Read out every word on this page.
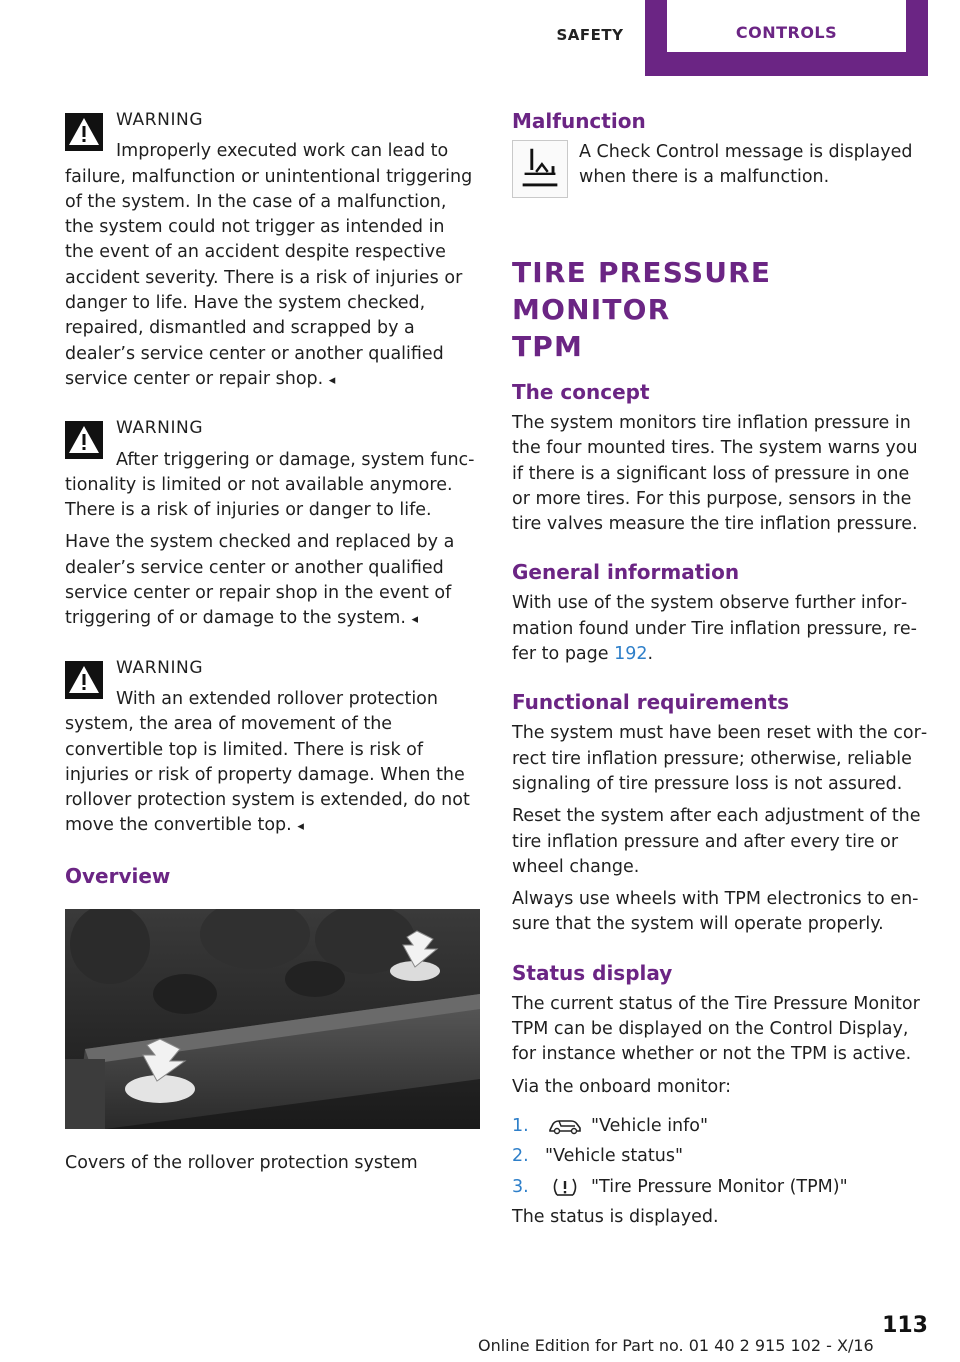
SAFETY	CONTROLS
WARNING

Improperly executed work can lead to failure, malfunction or unintentional triggering of the system. In the case of a malfunction, the system could not trigger as intended in the event of an accident despite respective accident severity. There is a risk of injuries or danger to life. Have the system checked, repaired, dismantled and scrapped by a dealer’s service center or another qualified service center or repair shop. ◂

WARNING

After triggering or damage, system functionality is limited or not available anymore. There is a risk of injuries or danger to life.

Have the system checked and replaced by a dealer’s service center or another qualified service center or repair shop in the event of triggering of or damage to the system. ◂

WARNING

With an extended rollover protection system, the area of movement of the convertible top is limited. There is risk of injuries or risk of property damage. When the rollover protection system is extended, do not move the convertible top. ◂

Overview

Covers of the rollover protection system

Malfunction

A Check Control message is displayed when there is a malfunction.

TIRE PRESSURE MONITOR
TPM
The concept

The system monitors tire inflation pressure in the four mounted tires. The system warns you if there is a significant loss of pressure in one or more tires. For this purpose, sensors in the tire valves measure the tire inflation pressure.

General information

With use of the system observe further information found under Tire inflation pressure, refer to page 192.

Functional requirements

The system must have been reset with the correct tire inflation pressure; otherwise, reliable signaling of tire pressure loss is not assured.

Reset the system after each adjustment of the tire inflation pressure and after every tire or wheel change.

Always use wheels with TPM electronics to ensure that the system will operate properly.

Status display

The current status of the Tire Pressure Monitor TPM can be displayed on the Control Display, for instance whether or not the TPM is active.

Via the onboard monitor:

1.	"Vehicle info"
2. "Vehicle status"
3.	"Tire Pressure Monitor (TPM)"

The status is displayed.

113
Online Edition for Part no. 01 40 2 915 102 - X/16
